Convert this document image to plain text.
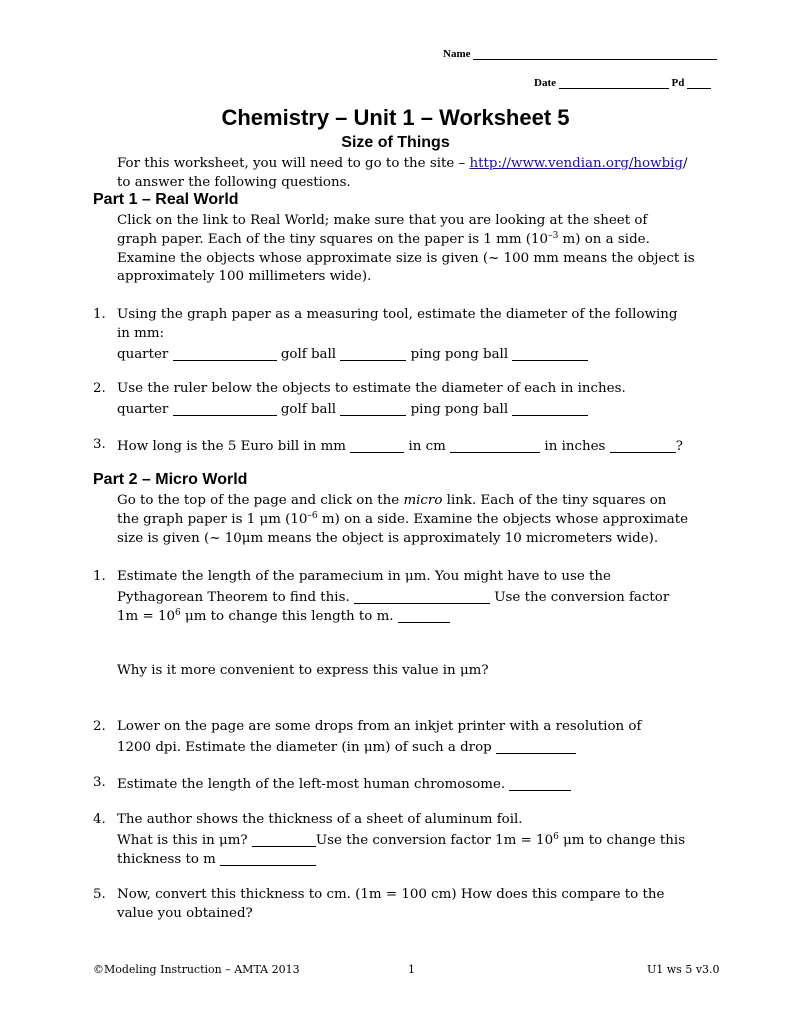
Name
Date	Pd
Chemistry – Unit 1 – Worksheet 5
Size of Things
For this worksheet, you will need to go to the site – http://www.vendian.org/howbig/
to answer the following questions.
Part 1 – Real World
Click on the link to Real World; make sure that you are looking at the sheet of
graph paper. Each of the tiny squares on the paper is 1 mm ($10^{-3}$ m) on a side.
Examine the objects whose approximate size is given (~ 100 mm means the object is
approximately 100 millimeters wide).
1. Using the graph paper as a measuring tool, estimate the diameter of the following
in mm:
quarter	golf ball	ping pong ball
2. Use the ruler below the objects to estimate the diameter of each in inches.
quarter	golf ball	ping pong ball
3. How long is the 5 Euro bill in mm	in cm	in inches	?
Part 2 – Micro World
Go to the top of the page and click on the micro link. Each of the tiny squares on
the graph paper is 1 μm ($10^{-6}$ m) on a side. Examine the objects whose approximate
size is given (~ 10μm means the object is approximately 10 micrometers wide).
1. Estimate the length of the paramecium in μm. You might have to use the
Pythagorean Theorem to find this.	Use the conversion factor
$1m = 10^6$ μm to change this length to m.
Why is it more convenient to express this value in μm?
2. Lower on the page are some drops from an inkjet printer with a resolution of
1200 dpi. Estimate the diameter (in μm) of such a drop
3. Estimate the length of the left-most human chromosome.
4. The author shows the thickness of a sheet of aluminum foil.
What is this in μm?	Use the conversion factor $1m = 10^6$ μm to change this
thickness to m
5. Now, convert this thickness to cm. (1m = 100 cm) How does this compare to the
value you obtained?
©Modeling Instruction – AMTA 2013	1	U1 ws 5 v3.0
